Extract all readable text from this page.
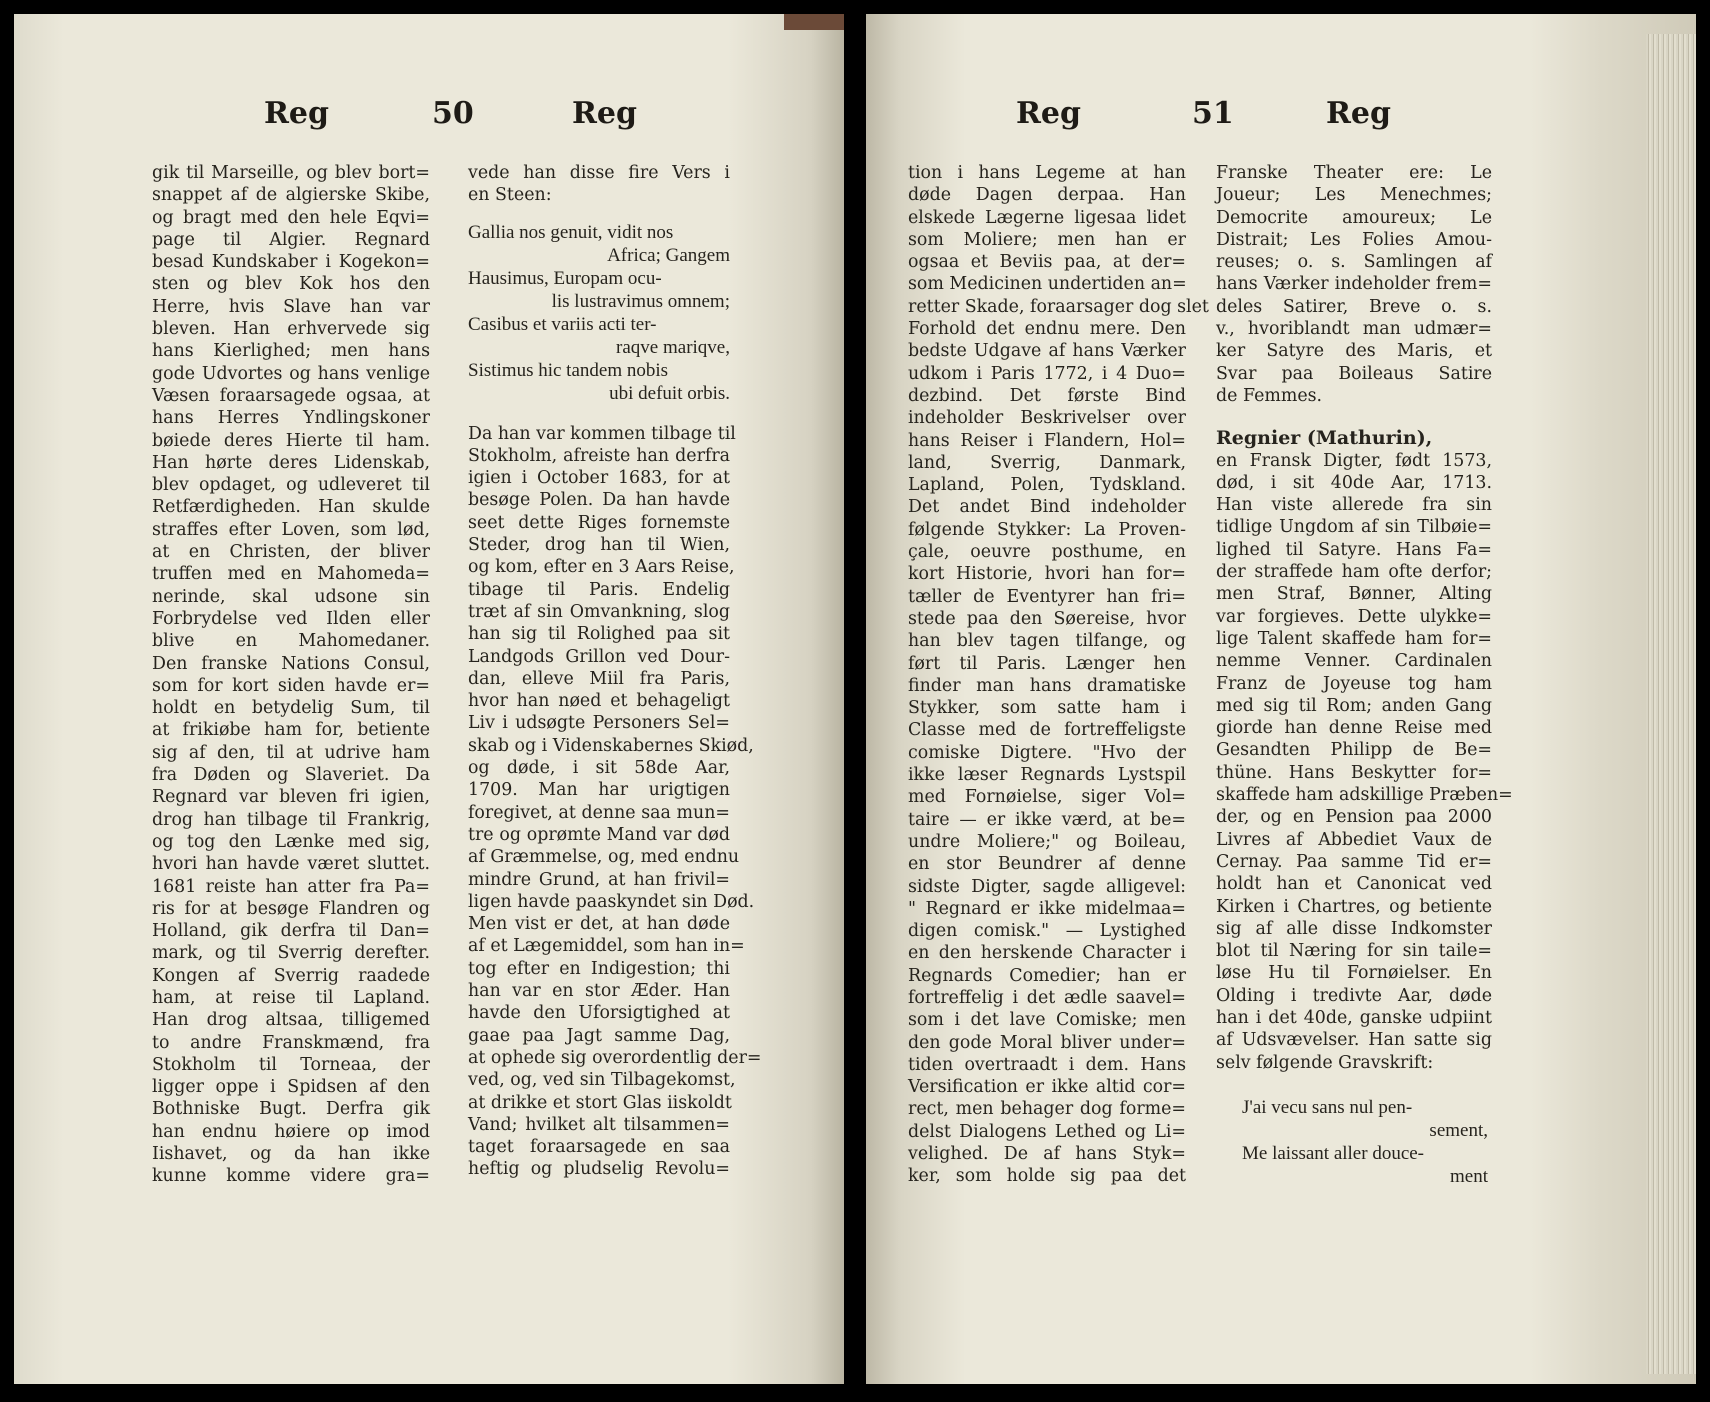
Reg	50	Reg
gik til Marseille, og blev bort=
snappet af de algierske Skibe,
og bragt med den hele Eqvi=
page til Algier. Regnard
besad Kundskaber i Kogekon=
sten og blev Kok hos den
Herre, hvis Slave han var
bleven. Han erhvervede sig
hans Kierlighed; men hans
gode Udvortes og hans venlige
Væsen foraarsagede ogsaa, at
hans Herres Yndlingskoner
bøiede deres Hierte til ham.
Han hørte deres Lidenskab,
blev opdaget, og udleveret til
Retfærdigheden. Han skulde
straffes efter Loven, som lød,
at en Christen, der bliver
truffen med en Mahomeda=
nerinde, skal udsone sin
Forbrydelse ved Ilden eller
blive en Mahomedaner.
Den franske Nations Consul,
som for kort siden havde er=
holdt en betydelig Sum, til
at frikiøbe ham for, betiente
sig af den, til at udrive ham
fra Døden og Slaveriet. Da
Regnard var bleven fri igien,
drog han tilbage til Frankrig,
og tog den Lænke med sig,
hvori han havde været sluttet.
1681 reiste han atter fra Pa=
ris for at besøge Flandren og
Holland, gik derfra til Dan=
mark, og til Sverrig derefter.
Kongen af Sverrig raadede
ham, at reise til Lapland.
Han drog altsaa, tilligemed
to andre Franskmænd, fra
Stokholm til Torneaa, der
ligger oppe i Spidsen af den
Bothniske Bugt. Derfra gik
han endnu høiere op imod
Iishavet, og da han ikke
kunne komme videre gra=
vede han disse fire Vers i
en Steen:
Gallia nos genuit, vidit nos
Africa; Gangem
Hausimus, Europam ocu-
lis lustravimus omnem;
Casibus et variis acti ter-
raqve mariqve,
Sistimus hic tandem nobis
ubi defuit orbis.
Da han var kommen tilbage til
Stokholm, afreiste han derfra
igien i October 1683, for at
besøge Polen. Da han havde
seet dette Riges fornemste
Steder, drog han til Wien,
og kom, efter en 3 Aars Reise,
tibage til Paris. Endelig
træt af sin Omvankning, slog
han sig til Rolighed paa sit
Landgods Grillon ved Dour-
dan, elleve Miil fra Paris,
hvor han nøed et behageligt
Liv i udsøgte Personers Sel=
skab og i Videnskabernes Skiød,
og døde, i sit 58de Aar,
1709. Man har urigtigen
foregivet, at denne saa mun=
tre og oprømte Mand var død
af Græmmelse, og, med endnu
mindre Grund, at han frivil=
ligen havde paaskyndet sin Død.
Men vist er det, at han døde
af et Lægemiddel, som han in=
tog efter en Indigestion; thi
han var en stor Æder. Han
havde den Uforsigtighed at
gaae paa Jagt samme Dag,
at ophede sig overordentlig der=
ved, og, ved sin Tilbagekomst,
at drikke et stort Glas iiskoldt
Vand; hvilket alt tilsammen=
taget foraarsagede en saa
heftig og pludselig Revolu=
Reg	51	Reg
tion i hans Legeme at han
døde Dagen derpaa. Han
elskede Lægerne ligesaa lidet
som Moliere; men han er
ogsaa et Beviis paa, at der=
som Medicinen undertiden an=
retter Skade, foraarsager dog slet
Forhold det endnu mere. Den
bedste Udgave af hans Værker
udkom i Paris 1772, i 4 Duo=
dezbind. Det første Bind
indeholder Beskrivelser over
hans Reiser i Flandern, Hol=
land, Sverrig, Danmark,
Lapland, Polen, Tydskland.
Det andet Bind indeholder
følgende Stykker: La Proven-
çale, oeuvre posthume, en
kort Historie, hvori han for=
tæller de Eventyrer han fri=
stede paa den Søereise, hvor
han blev tagen tilfange, og
ført til Paris. Længer hen
finder man hans dramatiske
Stykker, som satte ham i
Classe med de fortreffeligste
comiske Digtere. "Hvo der
ikke læser Regnards Lystspil
med Fornøielse, siger Vol=
taire — er ikke værd, at be=
undre Moliere;" og Boileau,
en stor Beundrer af denne
sidste Digter, sagde alligevel:
" Regnard er ikke midelmaa=
digen comisk." — Lystighed
en den herskende Character i
Regnards Comedier; han er
fortreffelig i det ædle saavel=
som i det lave Comiske; men
den gode Moral bliver under=
tiden overtraadt i dem. Hans
Versification er ikke altid cor=
rect, men behager dog forme=
delst Dialogens Lethed og Li=
velighed. De af hans Styk=
ker, som holde sig paa det
Franske Theater ere: Le
Joueur; Les Menechmes;
Democrite amoureux; Le
Distrait; Les Folies Amou-
reuses; o. s. Samlingen af
hans Værker indeholder frem=
deles Satirer, Breve o. s.
v., hvoriblandt man udmær=
ker Satyre des Maris, et
Svar paa Boileaus Satire
de Femmes.
Regnier (Mathurin),
en Fransk Digter, født 1573,
død, i sit 40de Aar, 1713.
Han viste allerede fra sin
tidlige Ungdom af sin Tilbøie=
lighed til Satyre. Hans Fa=
der straffede ham ofte derfor;
men Straf, Bønner, Alting
var forgieves. Dette ulykke=
lige Talent skaffede ham for=
nemme Venner. Cardinalen
Franz de Joyeuse tog ham
med sig til Rom; anden Gang
giorde han denne Reise med
Gesandten Philipp de Be=
thüne. Hans Beskytter for=
skaffede ham adskillige Præben=
der, og en Pension paa 2000
Livres af Abbediet Vaux de
Cernay. Paa samme Tid er=
holdt han et Canonicat ved
Kirken i Chartres, og betiente
sig af alle disse Indkomster
blot til Næring for sin taile=
løse Hu til Fornøielser. En
Olding i tredivte Aar, døde
han i det 40de, ganske udpiint
af Udsvævelser. Han satte sig
selv følgende Gravskrift:
J'ai vecu sans nul pen-
sement,
Me laissant aller douce-
ment
